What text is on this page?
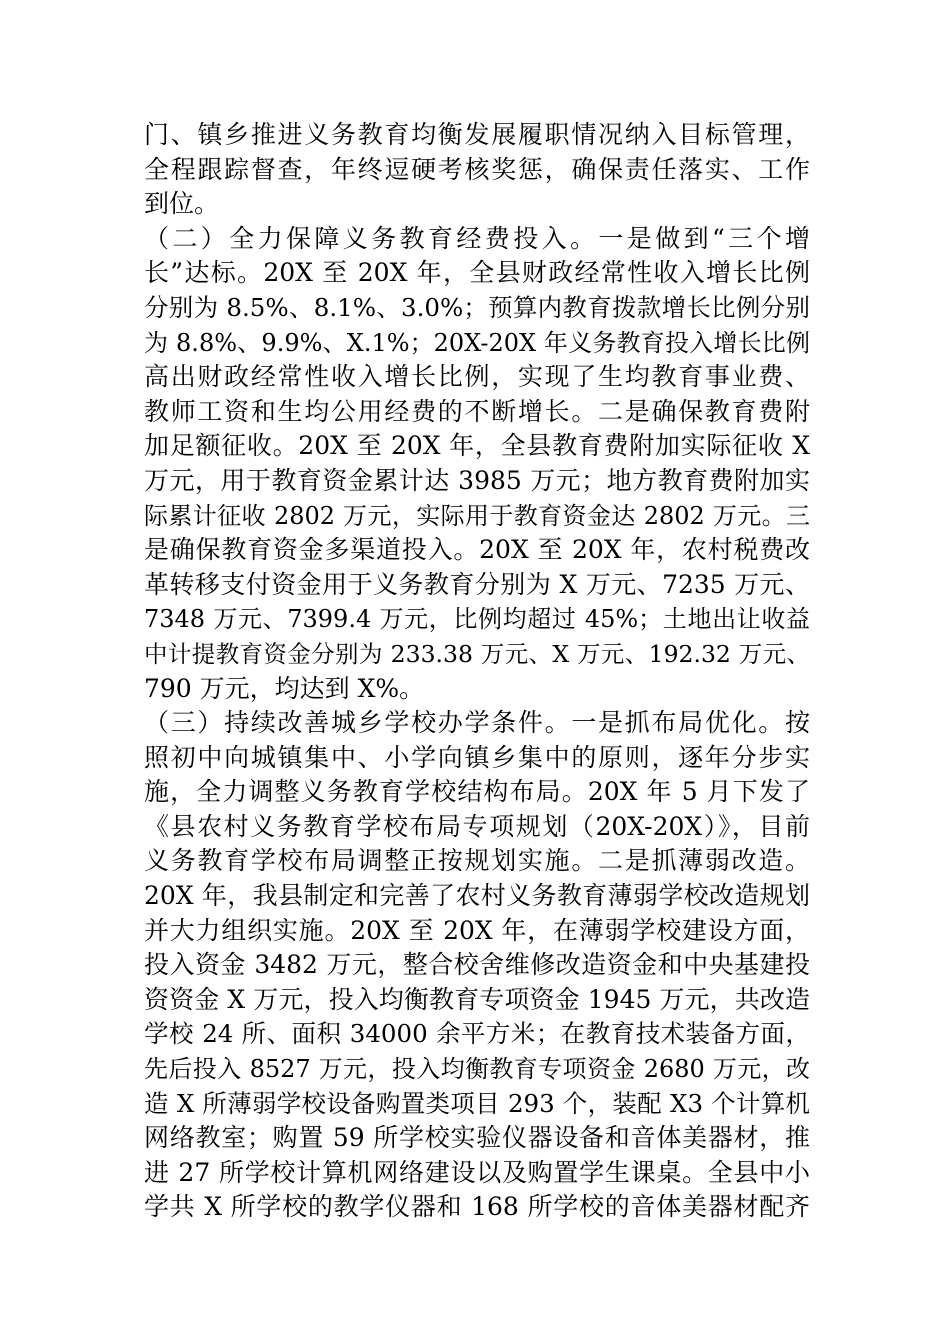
门、镇乡推进义务教育均衡发展履职情况纳入目标管理，
全程跟踪督查，年终逗硬考核奖惩，确保责任落实、工作
到位。
（二）全力保障义务教育经费投入。一是做到“三个增
长”达标。20X 至 20X 年，全县财政经常性收入增长比例
分别为 8.5%、8.1%、3.0%；预算内教育拨款增长比例分别
为 8.8%、9.9%、X.1%；20X-20X 年义务教育投入增长比例
高出财政经常性收入增长比例，实现了生均教育事业费、
教师工资和生均公用经费的不断增长。二是确保教育费附
加足额征收。20X 至 20X 年，全县教育费附加实际征收 X
万元，用于教育资金累计达 3985 万元；地方教育费附加实
际累计征收 2802 万元，实际用于教育资金达 2802 万元。三
是确保教育资金多渠道投入。20X 至 20X 年，农村税费改
革转移支付资金用于义务教育分别为 X 万元、7235 万元、
7348 万元、7399.4 万元，比例均超过 45%；土地出让收益
中计提教育资金分别为 233.38 万元、X 万元、192.32 万元、
790 万元，均达到 X%。
（三）持续改善城乡学校办学条件。一是抓布局优化。按
照初中向城镇集中、小学向镇乡集中的原则，逐年分步实
施，全力调整义务教育学校结构布局。20X 年 5 月下发了
《县农村义务教育学校布局专项规划（20X-20X）》，目前
义务教育学校布局调整正按规划实施。二是抓薄弱改造。
20X 年，我县制定和完善了农村义务教育薄弱学校改造规划
并大力组织实施。20X 至 20X 年，在薄弱学校建设方面，
投入资金 3482 万元，整合校舍维修改造资金和中央基建投
资资金 X 万元，投入均衡教育专项资金 1945 万元，共改造
学校 24 所、面积 34000 余平方米；在教育技术装备方面，
先后投入 8527 万元，投入均衡教育专项资金 2680 万元，改
造 X 所薄弱学校设备购置类项目 293 个，装配 X3 个计算机
网络教室；购置 59 所学校实验仪器设备和音体美器材，推
进 27 所学校计算机网络建设以及购置学生课桌。全县中小
学共 X 所学校的教学仪器和 168 所学校的音体美器材配齐
